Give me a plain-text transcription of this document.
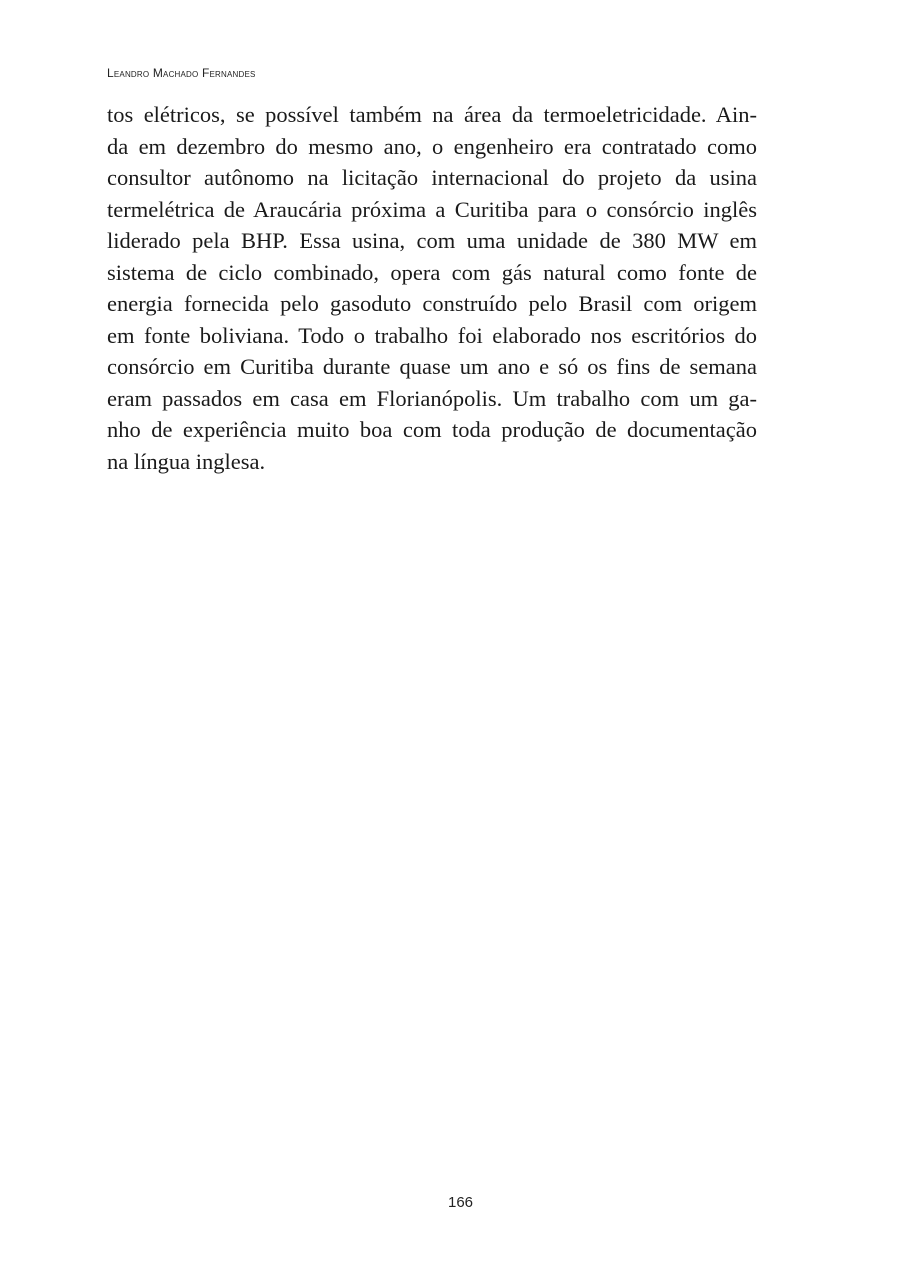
Leandro Machado Fernandes
tos elétricos, se possível também na área da termoeletricidade. Ain-
da em dezembro do mesmo ano, o engenheiro era contratado como
consultor autônomo na licitação internacional do projeto da usina
termelétrica de Araucária próxima a Curitiba para o consórcio inglês
liderado pela BHP. Essa usina, com uma unidade de 380 MW em
sistema de ciclo combinado, opera com gás natural como fonte de
energia fornecida pelo gasoduto construído pelo Brasil com origem
em fonte boliviana. Todo o trabalho foi elaborado nos escritórios do
consórcio em Curitiba durante quase um ano e só os fins de semana
eram passados em casa em Florianópolis. Um trabalho com um ga-
nho de experiência muito boa com toda produção de documentação
na língua inglesa.
166
